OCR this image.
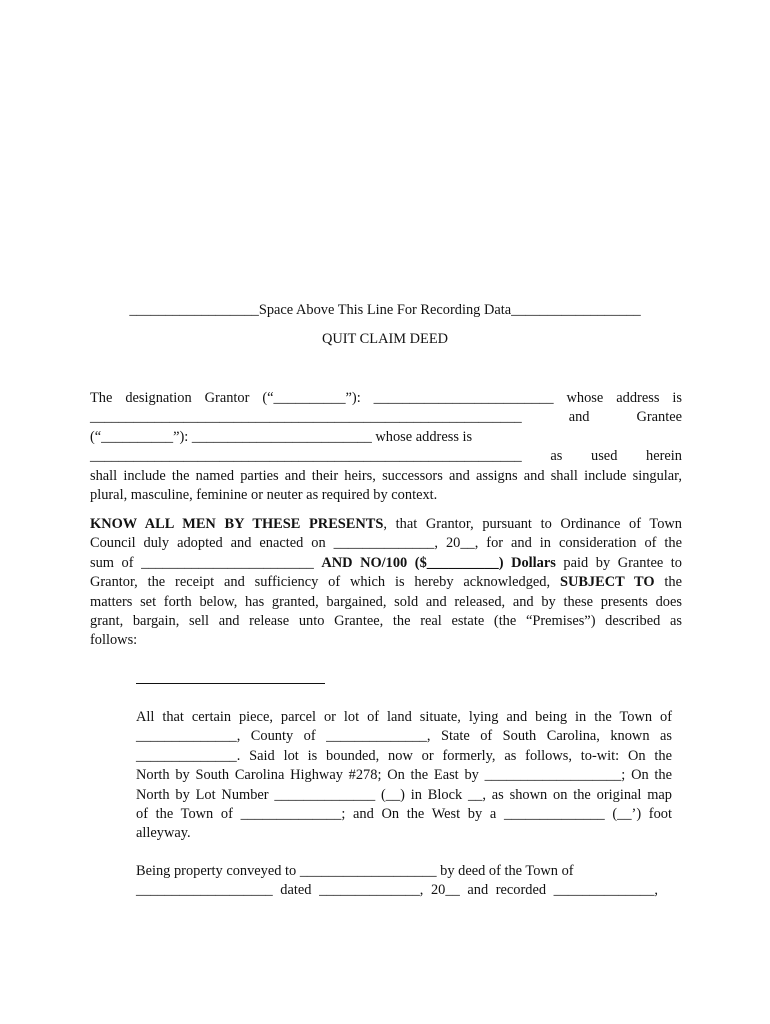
__________________Space Above This Line For Recording Data__________________
QUIT CLAIM DEED
The designation Grantor (“__________”): _________________________ whose address is
____________________________________________________________ and Grantee
(“__________”): _________________________ whose address is
____________________________________________________________ as used herein
shall include the named parties and their heirs, successors and assigns and shall include singular,
plural, masculine, feminine or neuter as required by context.
KNOW ALL MEN BY THESE PRESENTS, that Grantor, pursuant to Ordinance of Town
Council duly adopted and enacted on ______________, 20__, for and in consideration of the
sum of ________________________ AND NO/100 ($__________) Dollars paid by Grantee to
Grantor, the receipt and sufficiency of which is hereby acknowledged, SUBJECT TO the
matters set forth below, has granted, bargained, sold and released, and by these presents does
grant, bargain, sell and release unto Grantee, the real estate (the “Premises”) described as
follows:
All that certain piece, parcel or lot of land situate, lying and being in the Town of
______________, County of ______________, State of South Carolina, known as
______________. Said lot is bounded, now or formerly, as follows, to-wit: On the
North by South Carolina Highway #278; On the East by ___________________; On the
North by Lot Number ______________ (__) in Block __, as shown on the original map
of the Town of ______________; and On the West by a ______________ (__’) foot
alleyway.
Being property conveyed to ___________________ by deed of the Town of
___________________ dated ______________, 20__ and recorded ______________,
